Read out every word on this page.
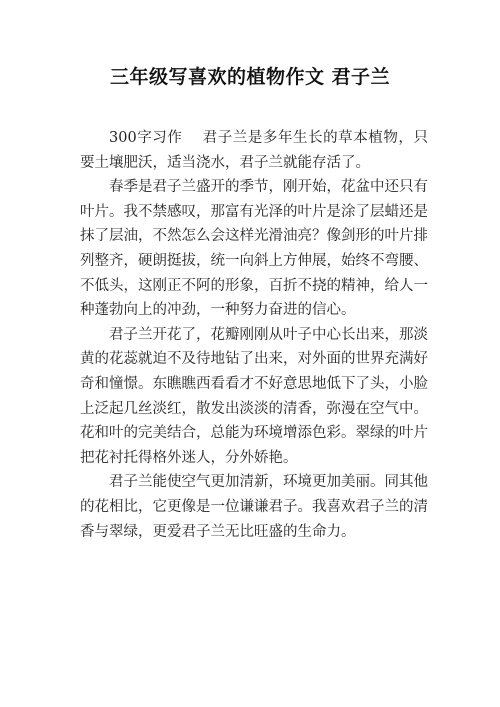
三年级写喜欢的植物作文 君子兰

300字习作　 君子兰是多年生长的草本植物，只要土壤肥沃，适当浇水，君子兰就能存活了。

春季是君子兰盛开的季节，刚开始，花盆中还只有叶片。我不禁感叹，那富有光泽的叶片是涂了层蜡还是抹了层油，不然怎么会这样光滑油亮？像剑形的叶片排列整齐，硬朗挺拔，统一向斜上方伸展，始终不弯腰、不低头，这刚正不阿的形象，百折不挠的精神，给人一种蓬勃向上的冲劲，一种努力奋进的信心。

君子兰开花了，花瓣刚刚从叶子中心长出来，那淡黄的花蕊就迫不及待地钻了出来，对外面的世界充满好奇和憧憬。东瞧瞧西看看才不好意思地低下了头，小脸上泛起几丝淡红，散发出淡淡的清香，弥漫在空气中。花和叶的完美结合，总能为环境增添色彩。翠绿的叶片把花衬托得格外迷人，分外娇艳。

君子兰能使空气更加清新，环境更加美丽。同其他的花相比，它更像是一位谦谦君子。我喜欢君子兰的清香与翠绿，更爱君子兰无比旺盛的生命力。
